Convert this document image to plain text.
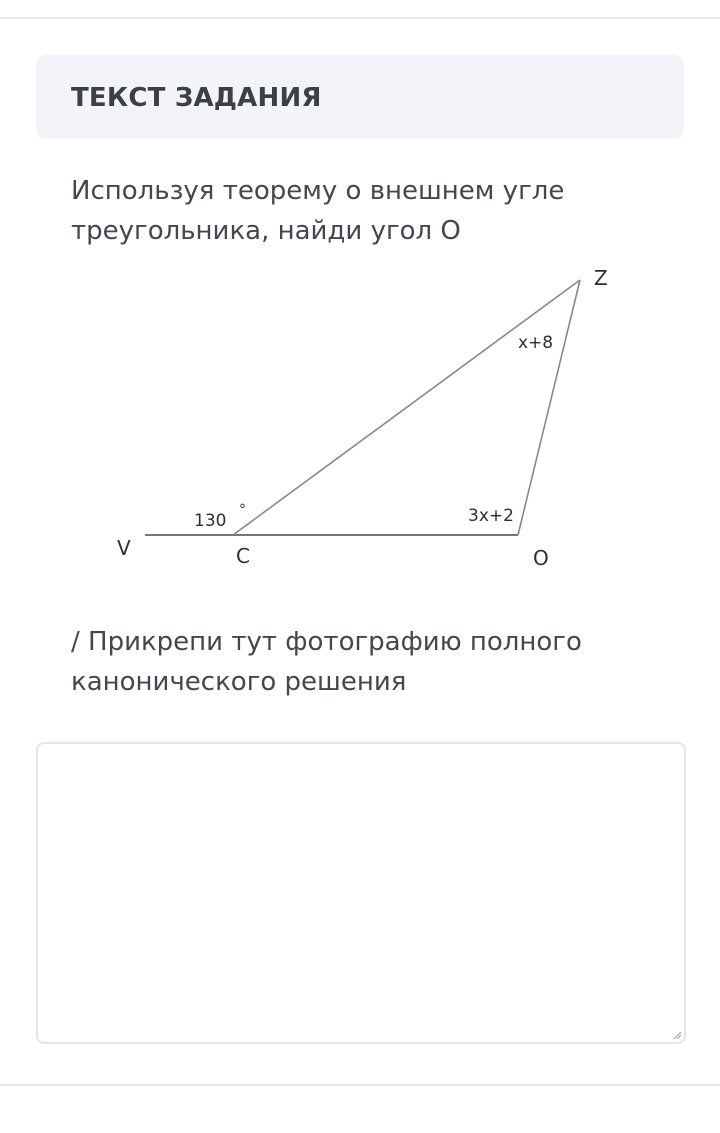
ТЕКСТ ЗАДАНИЯ
Используя теорему о внешнем угле
треугольника, найди угол O
Z
x+8
3x+2
130
°
V	C	O
/ Прикрепи тут фотографию полного
канонического решения
